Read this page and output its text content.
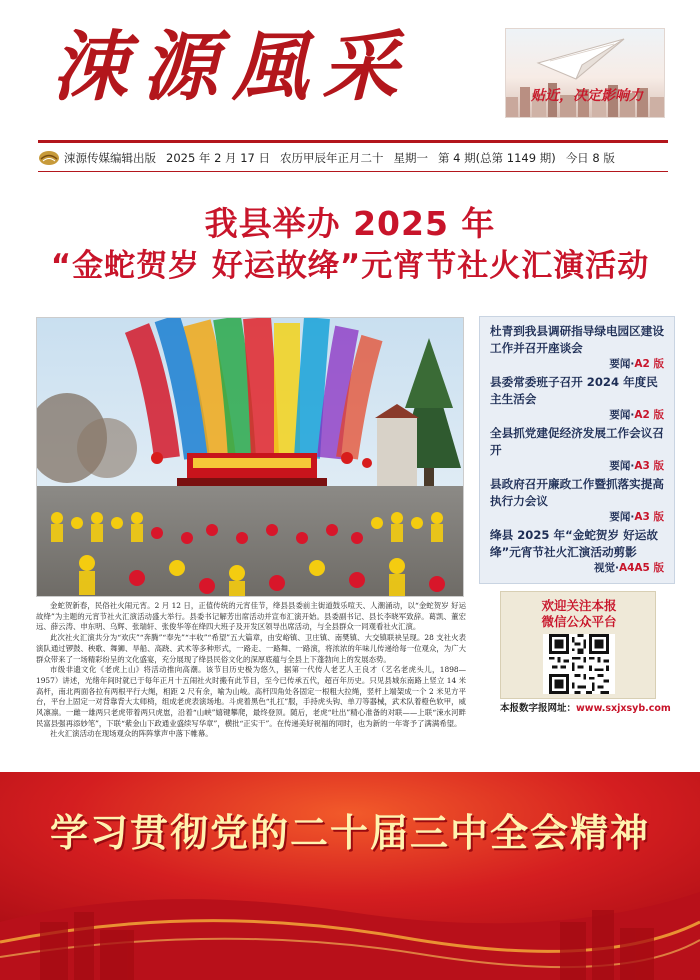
涑源風采	贴近，决定影响力
涑源传媒编辑出版 2025 年 2 月 17 日 农历甲辰年正月二十 星期一 第 4 期(总第 1149 期) 今日 8 版
我县举办 2025 年
“金蛇贺岁 好运故绛”元宵节社火汇演活动

金蛇贺新春，民俗社火闹元宵。2 月 12 日，正值传统的元宵佳节，绛县县委前主街道鼓乐喧天、人潮涌动，以“金蛇贺岁 好运故绛”为主题的元宵节社火汇演活动盛大举行。县委书记解芳出席活动并宣布汇演开始。县委副书记、县长李晓军致辞。葛凯、董宏远、薛云涛、申东明、乌辉、张瑞轩、张俊华等在绛四大班子及开发区领导出席活动，与全县群众一同观看社火汇演。

此次社火汇演共分为“欢庆”“奔腾”“奉先”“丰收”“希望”五大篇章，由安峪镇、卫庄镇、南樊镇、大交镇联袂呈现。28 支社火表演队通过锣鼓、秧歌、舞狮、旱船、高跷、武术等多种形式，一路走、一路舞、一路演，将浓浓的年味儿传递给每一位观众，为广大群众带来了一场精彩纷呈的文化盛宴，充分展现了绛县民俗文化的深厚底蕴与全县上下蓬勃向上的发展态势。

市级非遗文化《老虎上山》将活动推向高潮。该节目历史极为悠久，据第一代传人老艺人王良才（艺名老虎头儿，1898—1957）讲述，光绪年间时就已于每年正月十五闹社火时搬有此节目，至今已传承五代，超百年历史。只见县城东南路上竖立 14 米高杆，南北两面各拉有两根平行大绳，相距 2 尺有余，喻为山峻。高杆四角处各固定一根粗大拉绳，竖杆上端架成一个 2 米见方平台，平台上固定一对背靠背大太师椅，组成老虎表演场地。斗虎着黑色“扎扛”服，手持虎头钩、单刀等器械，武术队着橙色软甲，威风凛凛。一雌一雄两只老虎带着两只虎崽，沿着“山峡”嬉键攀爬，最终登顶。随后，老虎“吐出”精心准备的对联——上联“涑水河畔民富县强再添妙笔”，下联“紫金山下政通业盛续写华章”，横批“正实干”。在传递美好祝福的同时，也为新的一年寄予了满满希望。

社火汇演活动在现场观众的阵阵掌声中落下帷幕。

杜青到我县调研指导绿电园区建设工作并召开座谈会
要闻·A2 版
县委常委班子召开 2024 年度民主生活会
要闻·A2 版
全县抓党建促经济发展工作会议召开
要闻·A3 版
县政府召开廉政工作暨抓落实提高执行力会议
要闻·A3 版
绛县 2025 年“金蛇贺岁 好运故绛”元宵节社火汇演活动剪影
视觉·A4A5 版
欢迎关注本报
微信公众平台
本报数字报网址：www.sxjxsyb.com
学习贯彻党的二十届三中全会精神
